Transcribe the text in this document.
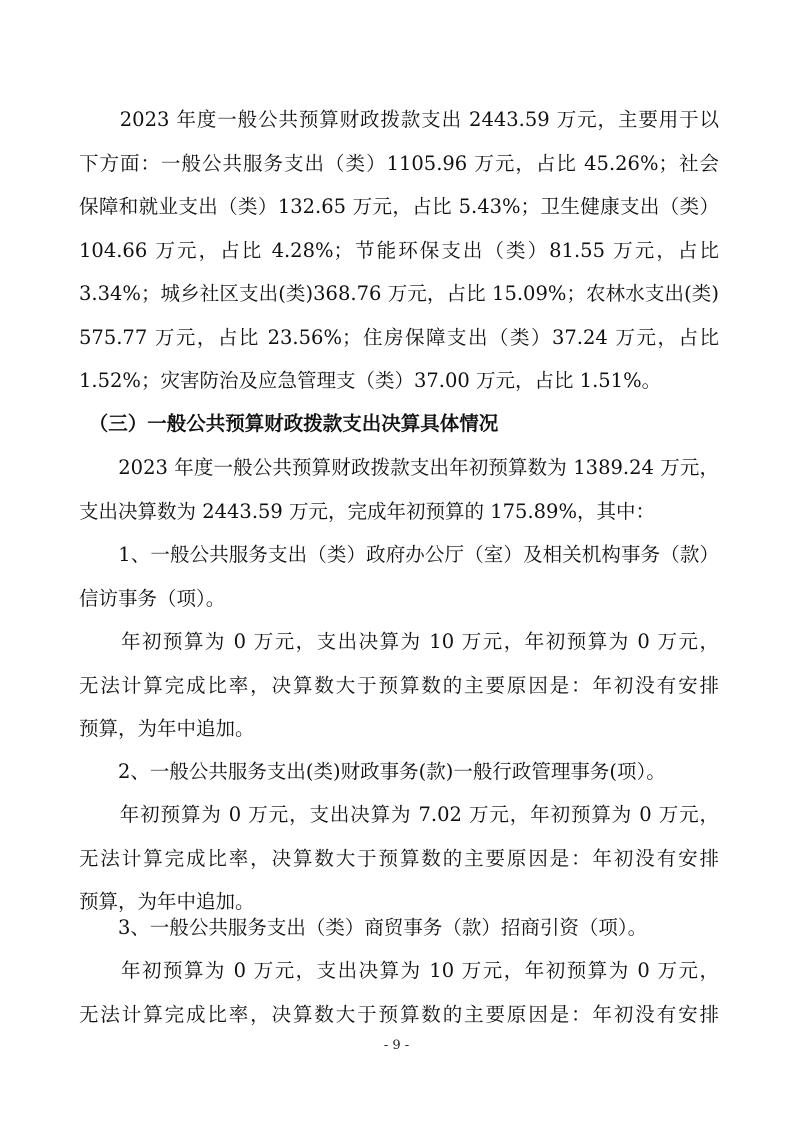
　　2023 年度一般公共预算财政拨款支出 2443.59 万元，主要用于以
下方面：一般公共服务支出（类）1105.96 万元，占比 45.26%；社会
保障和就业支出（类）132.65 万元，占比 5.43%；卫生健康支出（类）
104.66 万元，占比 4.28%；节能环保支出（类）81.55 万元，占比
3.34%；城乡社区支出(类)368.76 万元，占比 15.09%；农林水支出(类)
575.77 万元，占比 23.56%；住房保障支出（类）37.24 万元，占比
1.52%；灾害防治及应急管理支（类）37.00 万元，占比 1.51%。
　（三）一般公共预算财政拨款支出决算具体情况
　　2023 年度一般公共预算财政拨款支出年初预算数为 1389.24 万元，
支出决算数为 2443.59 万元，完成年初预算的 175.89%，其中：
　　1、一般公共服务支出（类）政府办公厅（室）及相关机构事务（款）
信访事务（项）。
　　年初预算为 0 万元，支出决算为 10 万元，年初预算为 0 万元，
无法计算完成比率，决算数大于预算数的主要原因是：年初没有安排
预算，为年中追加。
　　2、一般公共服务支出(类)财政事务(款)一般行政管理事务(项）。
　　年初预算为 0 万元，支出决算为 7.02 万元，年初预算为 0 万元，
无法计算完成比率，决算数大于预算数的主要原因是：年初没有安排
预算，为年中追加。
　　3、一般公共服务支出（类）商贸事务（款）招商引资（项）。
　　年初预算为 0 万元，支出决算为 10 万元，年初预算为 0 万元，
无法计算完成比率，决算数大于预算数的主要原因是：年初没有安排
- 9 -
